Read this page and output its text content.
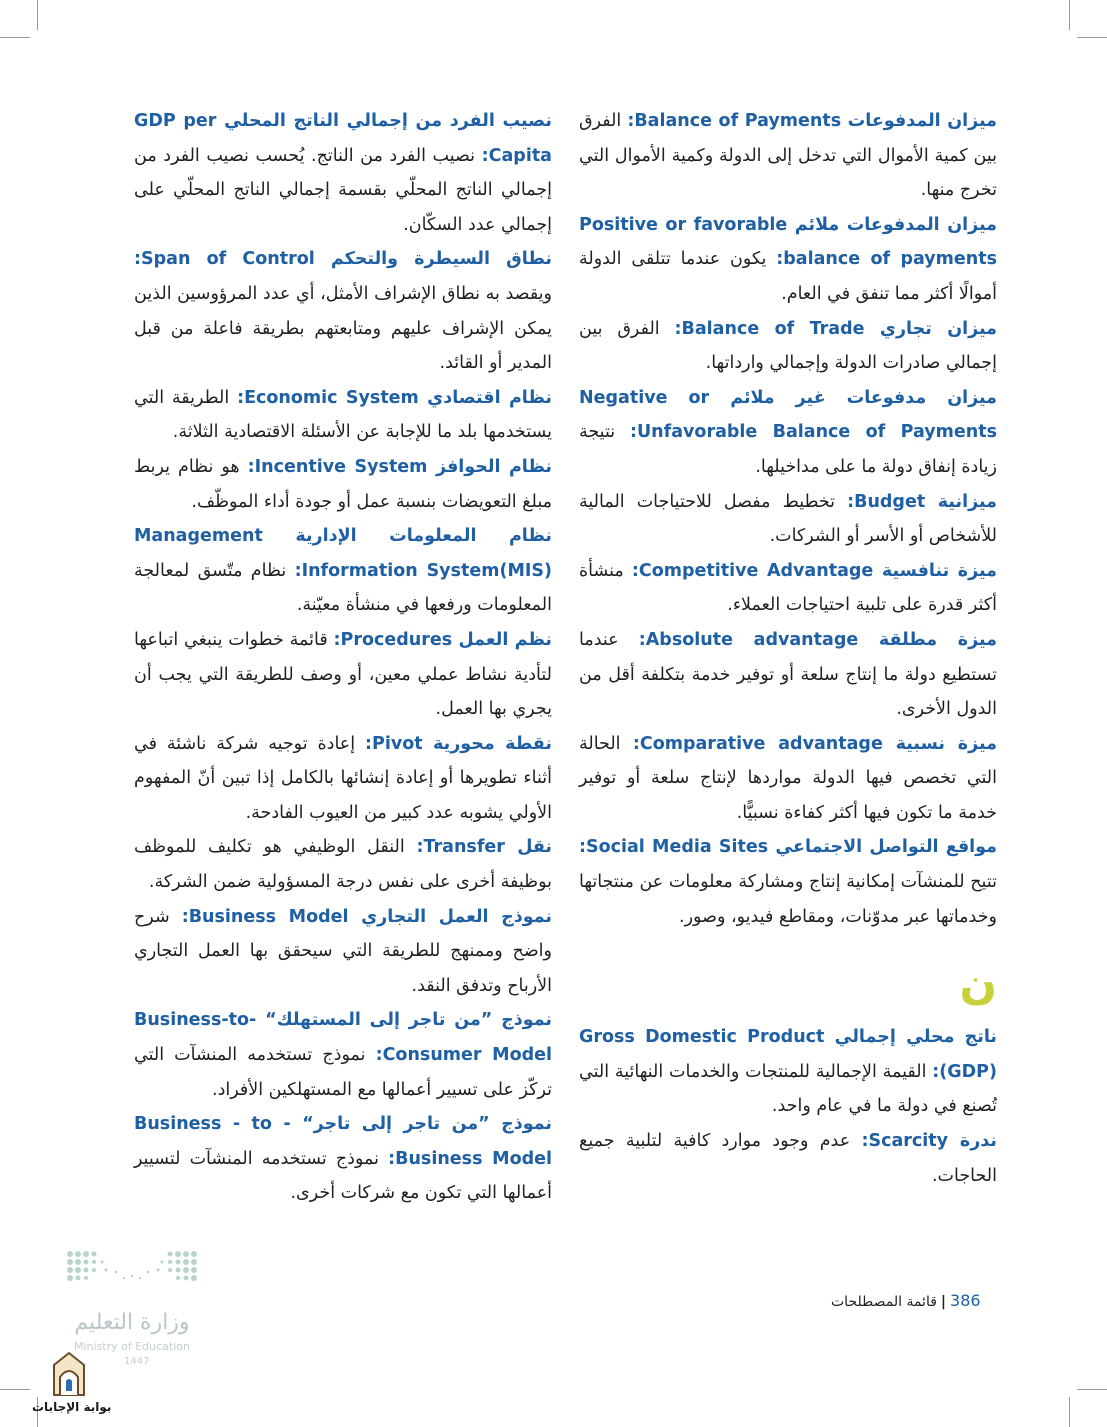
ميزان المدفوعات Balance of Payments: الفرق بين كمية الأموال التي تدخل إلى الدولة وكمية الأموال التي تخرج منها.
ميزان المدفوعات ملائم Positive or favorable balance of payments: يكون عندما تتلقى الدولة أموالًا أكثر مما تنفق في العام.
ميزان تجاري Balance of Trade: الفرق بين إجمالي صادرات الدولة وإجمالي وارداتها.
ميزان مدفوعات غير ملائم Negative or Unfavorable Balance of Payments: نتيجة زيادة إنفاق دولة ما على مداخيلها.
ميزانية Budget: تخطيط مفصل للاحتياجات المالية للأشخاص أو الأسر أو الشركات.
ميزة تنافسية Competitive Advantage: منشأة أكثر قدرة على تلبية احتياجات العملاء.
ميزة مطلقة Absolute advantage: عندما تستطيع دولة ما إنتاج سلعة أو توفير خدمة بتكلفة أقل من الدول الأخرى.
ميزة نسبية Comparative advantage: الحالة التي تخصص فيها الدولة مواردها لإنتاج سلعة أو توفير خدمة ما تكون فيها أكثر كفاءة نسبيًّا.
مواقع التواصل الاجتماعي Social Media Sites: تتيح للمنشآت إمكانية إنتاج ومشاركة معلومات عن منتجاتها وخدماتها عبر مدوّنات، ومقاطع فيديو، وصور.
ن
ناتج محلي إجمالي Gross Domestic Product (GDP): القيمة الإجمالية للمنتجات والخدمات النهائية التي تُصنع في دولة ما في عام واحد.
ندرة Scarcity: عدم وجود موارد كافية لتلبية جميع الحاجات.
نصيب الفرد من إجمالي الناتج المحلي GDP per Capita: نصيب الفرد من الناتج. يُحسب نصيب الفرد من إجمالي الناتج المحلّي بقسمة إجمالي الناتج المحلّي على إجمالي عدد السكّان.
نطاق السيطرة والتحكم Span of Control: ويقصد به نطاق الإشراف الأمثل، أي عدد المرؤوسين الذين يمكن الإشراف عليهم ومتابعتهم بطريقة فاعلة من قبل المدير أو القائد.
نظام اقتصادي Economic System: الطريقة التي يستخدمها بلد ما للإجابة عن الأسئلة الاقتصادية الثلاثة.
نظام الحوافز Incentive System: هو نظام يربط مبلغ التعويضات بنسبة عمل أو جودة أداء الموظّف.
نظام المعلومات الإدارية Management Information System(MIS): نظام متّسق لمعالجة المعلومات ورفعها في منشأة معيّنة.
نظم العمل Procedures: قائمة خطوات ينبغي اتباعها لتأدية نشاط عملي معين، أو وصف للطريقة التي يجب أن يجري بها العمل.
نقطة محورية Pivot: إعادة توجيه شركة ناشئة في أثناء تطويرها أو إعادة إنشائها بالكامل إذا تبين أنّ المفهوم الأولي يشوبه عدد كبير من العيوب الفادحة.
نقل Transfer: النقل الوظيفي هو تكليف للموظف بوظيفة أخرى على نفس درجة المسؤولية ضمن الشركة.
نموذج العمل التجاري Business Model: شرح واضح وممنهج للطريقة التي سيحقق بها العمل التجاري الأرباح وتدفق النقد.
نموذج ”من تاجر إلى المستهلك“ Business-to-Consumer Model: نموذج تستخدمه المنشآت التي تركّز على تسيير أعمالها مع المستهلكين الأفراد.
نموذج ”من تاجر إلى تاجر“ Business - to - Business Model: نموذج تستخدمه المنشآت لتسيير أعمالها التي تكون مع شركات أخرى.
386|قائمة المصطلحات
وزارة التعليم
Ministry of Education
1447
بوابة الإجابات
